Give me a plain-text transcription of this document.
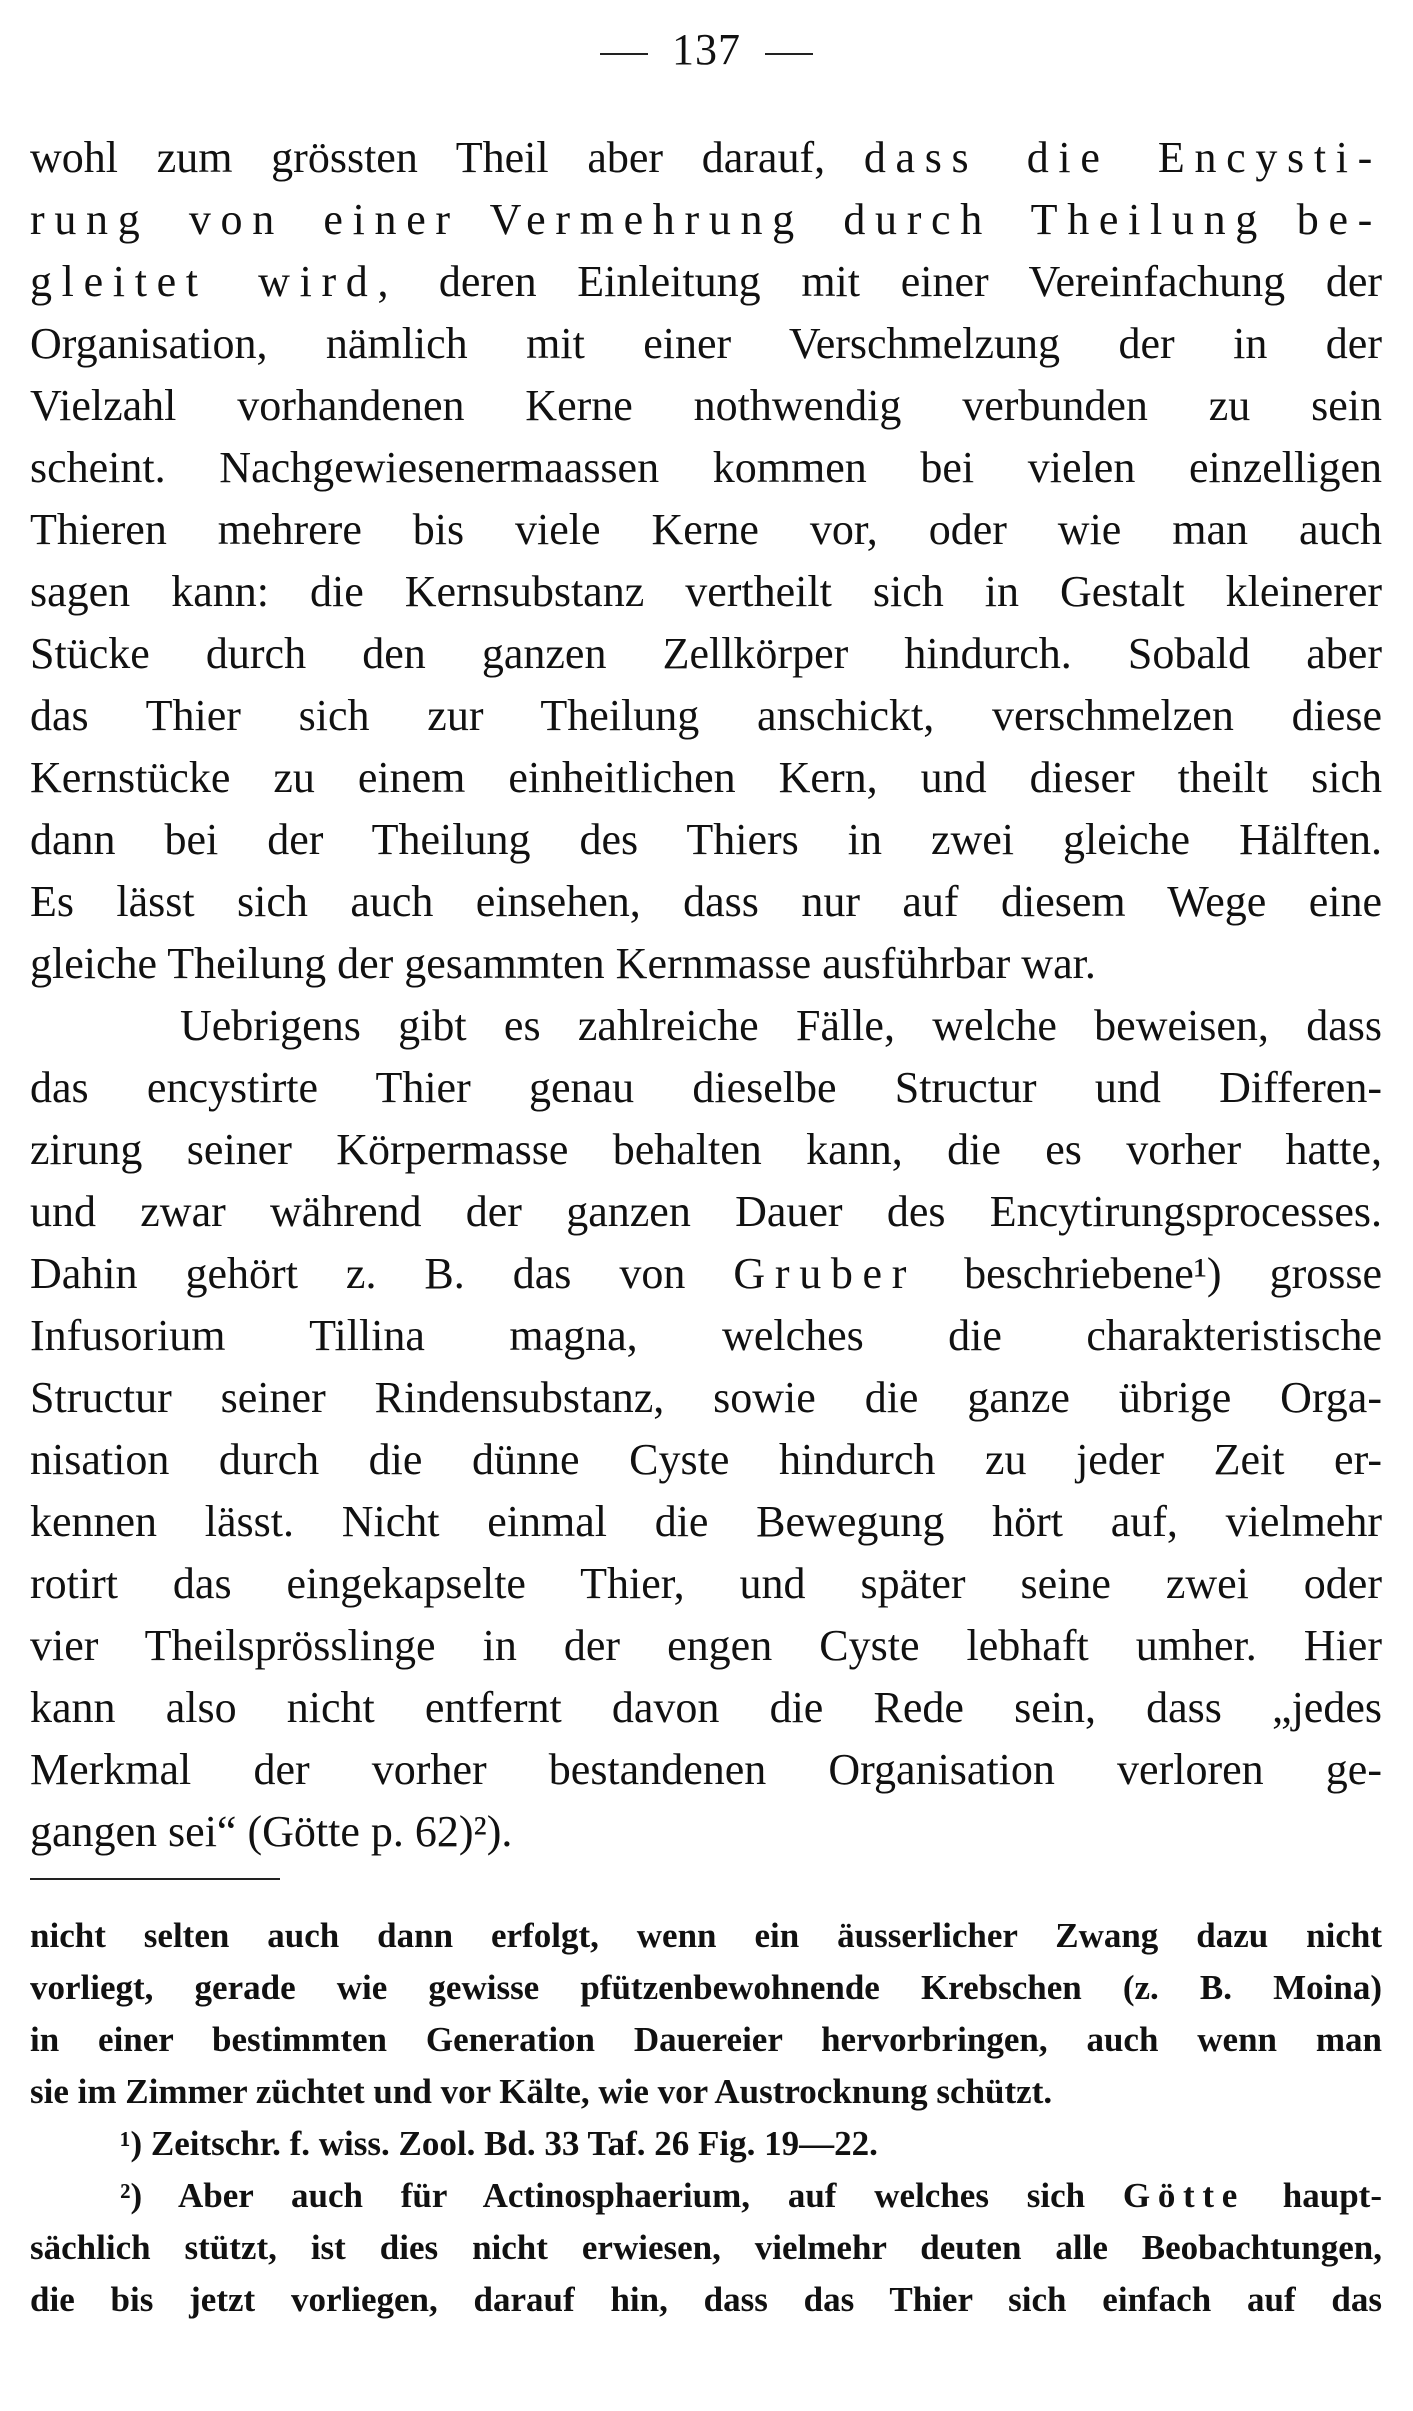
137
wohl zum grössten Theil aber darauf, dass die Encysti-
rung von einer Vermehrung durch Theilung be-
gleitet wird, deren Einleitung mit einer Vereinfachung der
Organisation, nämlich mit einer Verschmelzung der in der
Vielzahl vorhandenen Kerne nothwendig verbunden zu sein
scheint. Nachgewiesenermaassen kommen bei vielen einzelligen
Thieren mehrere bis viele Kerne vor, oder wie man auch
sagen kann: die Kernsubstanz vertheilt sich in Gestalt kleinerer
Stücke durch den ganzen Zellkörper hindurch. Sobald aber
das Thier sich zur Theilung anschickt, verschmelzen diese
Kernstücke zu einem einheitlichen Kern, und dieser theilt sich
dann bei der Theilung des Thiers in zwei gleiche Hälften.
Es lässt sich auch einsehen, dass nur auf diesem Wege eine
gleiche Theilung der gesammten Kernmasse ausführbar war.
Uebrigens gibt es zahlreiche Fälle, welche beweisen, dass
das encystirte Thier genau dieselbe Structur und Differen-
zirung seiner Körpermasse behalten kann, die es vorher hatte,
und zwar während der ganzen Dauer des Encytirungsprocesses.
Dahin gehört z. B. das von Gruber beschriebene¹) grosse
Infusorium Tillina magna, welches die charakteristische
Structur seiner Rindensubstanz, sowie die ganze übrige Orga-
nisation durch die dünne Cyste hindurch zu jeder Zeit er-
kennen lässt. Nicht einmal die Bewegung hört auf, vielmehr
rotirt das eingekapselte Thier, und später seine zwei oder
vier Theilsprösslinge in der engen Cyste lebhaft umher. Hier
kann also nicht entfernt davon die Rede sein, dass „jedes
Merkmal der vorher bestandenen Organisation verloren ge-
gangen sei“ (Götte p. 62)²).
nicht selten auch dann erfolgt, wenn ein äusserlicher Zwang dazu nicht
vorliegt, gerade wie gewisse pfützenbewohnende Krebschen (z. B. Moina)
in einer bestimmten Generation Dauereier hervorbringen, auch wenn man
sie im Zimmer züchtet und vor Kälte, wie vor Austrocknung schützt.
¹) Zeitschr. f. wiss. Zool. Bd. 33 Taf. 26 Fig. 19—22.
²) Aber auch für Actinosphaerium, auf welches sich Götte haupt-
sächlich stützt, ist dies nicht erwiesen, vielmehr deuten alle Beobachtungen,
die bis jetzt vorliegen, darauf hin, dass das Thier sich einfach auf das
